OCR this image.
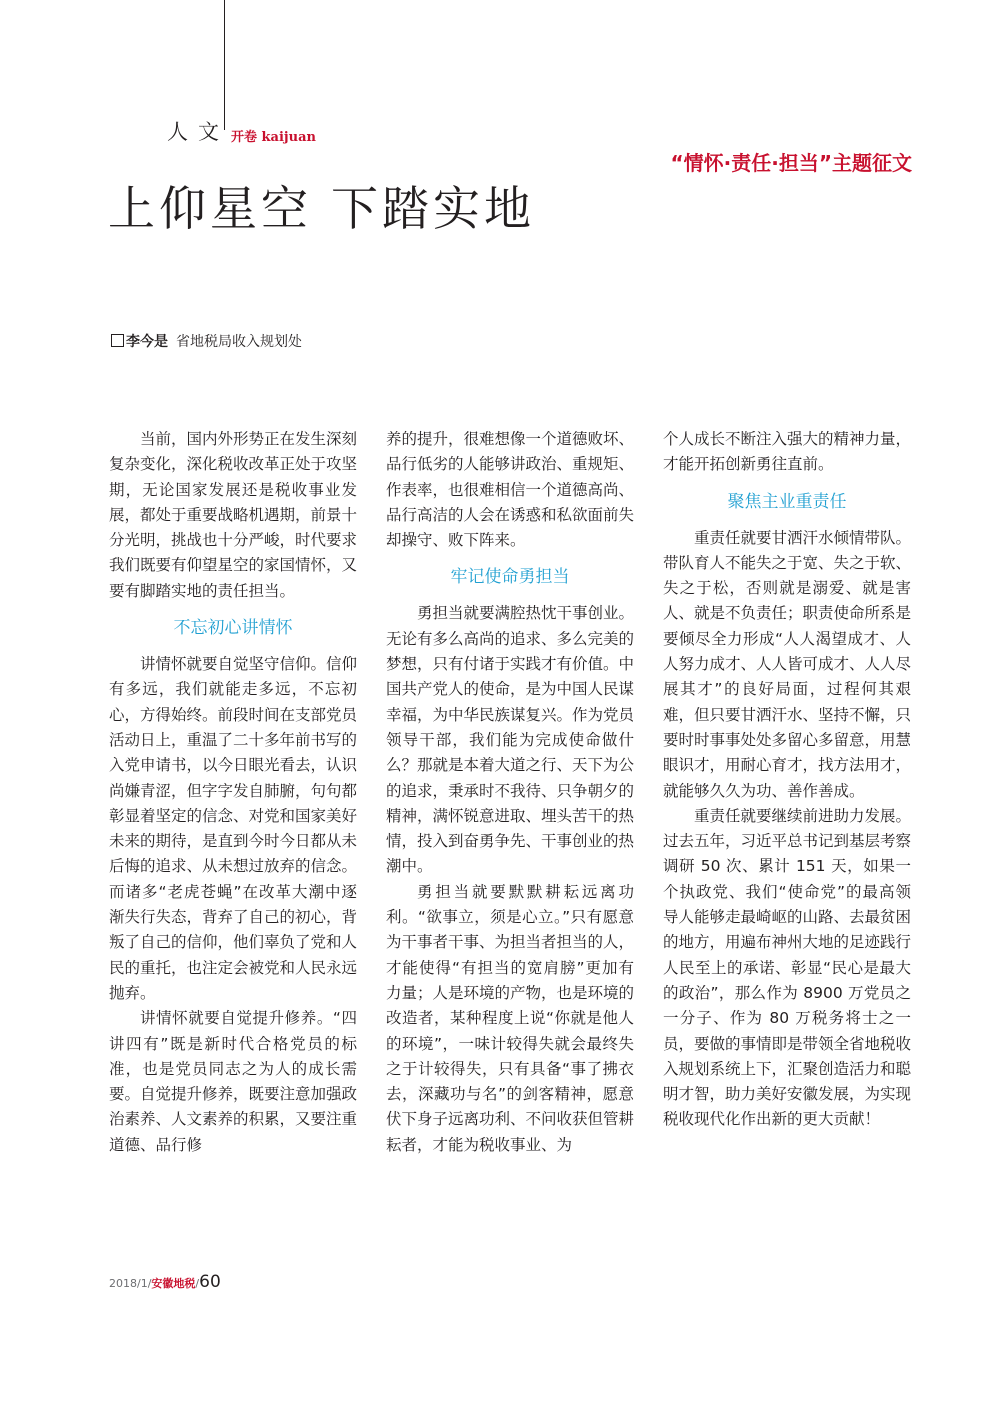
人文 开卷 kaijuan
“情怀·责任·担当”主题征文
上仰星空 下踏实地
李今是 省地税局收入规划处

当前，国内外形势正在发生深刻复杂变化，深化税收改革正处于攻坚期，无论国家发展还是税收事业发展，都处于重要战略机遇期，前景十分光明，挑战也十分严峻，时代要求我们既要有仰望星空的家国情怀，又要有脚踏实地的责任担当。

不忘初心讲情怀

讲情怀就要自觉坚守信仰。信仰有多远，我们就能走多远，不忘初心，方得始终。前段时间在支部党员活动日上，重温了二十多年前书写的入党申请书，以今日眼光看去，认识尚嫌青涩，但字字发自肺腑，句句都彰显着坚定的信念、对党和国家美好未来的期待，是直到今时今日都从未后悔的追求、从未想过放弃的信念。而诸多“老虎苍蝇”在改革大潮中逐渐失行失态，背弃了自己的初心，背叛了自己的信仰，他们辜负了党和人民的重托，也注定会被党和人民永远抛弃。

讲情怀就要自觉提升修养。“四讲四有”既是新时代合格党员的标准，也是党员同志之为人的成长需要。自觉提升修养，既要注意加强政治素养、人文素养的积累，又要注重道德、品行修

养的提升，很难想像一个道德败坏、品行低劣的人能够讲政治、重规矩、作表率，也很难相信一个道德高尚、品行高洁的人会在诱惑和私欲面前失却操守、败下阵来。

牢记使命勇担当

勇担当就要满腔热忱干事创业。无论有多么高尚的追求、多么完美的梦想，只有付诸于实践才有价值。中国共产党人的使命，是为中国人民谋幸福，为中华民族谋复兴。作为党员领导干部，我们能为完成使命做什么？那就是本着大道之行、天下为公的追求，秉承时不我待、只争朝夕的精神，满怀锐意进取、埋头苦干的热情，投入到奋勇争先、干事创业的热潮中。

勇担当就要默默耕耘远离功利。“欲事立，须是心立。”只有愿意为干事者干事、为担当者担当的人，才能使得“有担当的宽肩膀”更加有力量；人是环境的产物，也是环境的改造者，某种程度上说“你就是他人的环境”，一味计较得失就会最终失之于计较得失，只有具备“事了拂衣去，深藏功与名”的剑客精神，愿意伏下身子远离功利、不问收获但管耕耘者，才能为税收事业、为

个人成长不断注入强大的精神力量，才能开拓创新勇往直前。

聚焦主业重责任

重责任就要甘洒汗水倾情带队。带队育人不能失之于宽、失之于软、失之于松，否则就是溺爱、就是害人、就是不负责任；职责使命所系是要倾尽全力形成“人人渴望成才、人人努力成才、人人皆可成才、人人尽展其才”的良好局面，过程何其艰难，但只要甘洒汗水、坚持不懈，只要时时事事处处多留心多留意，用慧眼识才，用耐心育才，找方法用才，就能够久久为功、善作善成。

重责任就要继续前进助力发展。过去五年，习近平总书记到基层考察调研 50 次、累计 151 天，如果一个执政党、我们“使命党”的最高领导人能够走最崎岖的山路、去最贫困的地方，用遍布神州大地的足迹践行人民至上的承诺、彰显“民心是最大的政治”，那么作为 8900 万党员之一分子、作为 80 万税务将士之一员，要做的事情即是带领全省地税收入规划系统上下，汇聚创造活力和聪明才智，助力美好安徽发展，为实现税收现代化作出新的更大贡献！

2018/1/安徽地税/60
